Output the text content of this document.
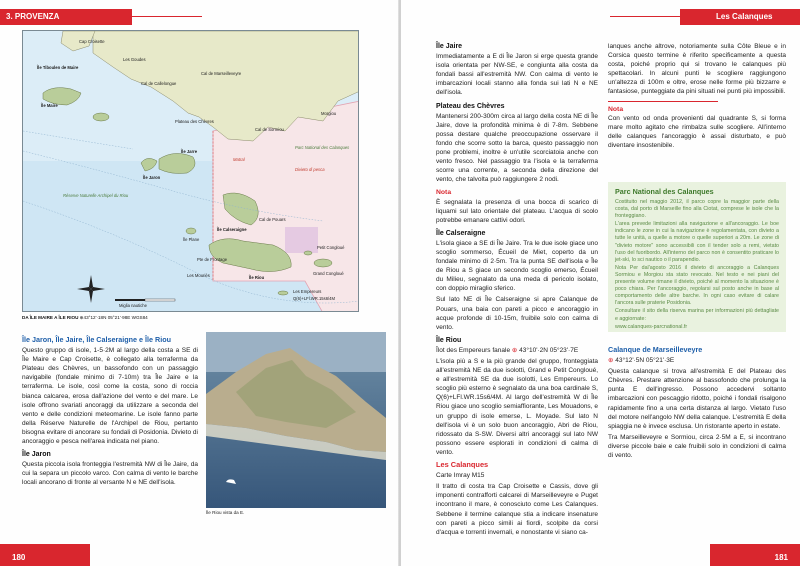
3. PROVENZA
Île Tiboulen de Maire
Cap Croisette
Les Goudes
Île Maire
Plateau des Chèvres
Cal de Callelongue
Cal de Marseilleveyre
Île Jarre
Île Jaron
Réserve Naturelle Archipel du Riou
Parc National des Calanques
Divieto di pesca
Matral
Morgiou
Cal de Sormiou
Cal de Pouars
Île Calseraigne
Île Plane
Pte de Frontage
Les Mouriès	Île Riou
Petit Congloué
Grand Congloué
Les Empereurs
Q(6)+LFl.WR.15s6/4M
Miglia nautiche
DA ÎLE MAIRE A ÎLE RIOU ⊕43°12'·18N 05°21'·98E WGS84
Île Jaron, Île Jaire, Île Calseraigne e Île Riou

Questo gruppo di isole, 1-5·2M al largo della costa a SE di Île Maire e Cap Croisette, è collegato alla terraferma da Plateau des Chèvres, un bassofondo con un passaggio navigabile (fondale minimo di 7-10m) tra Île Jaire e la terraferma. Le isole, così come la costa, sono di roccia bianca calcarea, erosa dall'azione del vento e del mare. Le isole offrono svariati ancoraggi da utilizzare a seconda del vento e delle condizioni meteomarine. Le isole fanno parte della Réserve Naturelle de l'Archipel de Riou, pertanto bisogna evitare di ancorare su fondali di Posidonia. Divieto di ancoraggio e pesca nell'area indicata nel piano.

Île Jaron

Questa piccola isola fronteggia l'estremità NW di Île Jaire, da cui la separa un piccolo varco. Con calma di vento le barche locali ancorano di fronte al versante N e NE dell'isola.

Île Riou vista da E.
180
Les Calanques
181
Île Jaire

Immediatamente a E di Île Jaron si erge questa grande isola orientata per NW-SE, e congiunta alla costa da fondali bassi all'estremità NW. Con calma di vento le imbarcazioni locali stanno alla fonda sui lati N e NE dell'isola.

Plateau des Chèvres

Mantenersi 200-300m circa al largo della costa NE di Île Jaire, dove la profondità minima è di 7-8m. Sebbene possa destare qualche preoccupazione osservare il fondo che scorre sotto la barca, questo passaggio non pone problemi, inoltre è un'utile scorciatoia anche con vento fresco. Nel passaggio tra l'isola e la terraferma scorre una corrente, a seconda della direzione del vento, che talvolta può raggiungere 2 nodi.

Nota

È segnalata la presenza di una bocca di scarico di liquami sul lato orientale del plateau. L'acqua di scolo potrebbe emanare cattivi odori.

Île Calseraigne

L'isola giace a SE di Île Jaire. Tra le due isole giace uno scoglio sommerso, Écueil de Miet, coperto da un fondale minimo di 2·5m. Tra la punta SE dell'isola e Île de Riou a S giace un secondo scoglio emerso, Écueil du Milieu, segnalato da una meda di pericolo isolato, con doppio miraglio sferico.

Sul lato NE di Île Calseraigne si apre Calanque de Pouars, una baia con pareti a picco e ancoraggio in acque profonde di 10-15m, fruibile solo con calma di vento.

Île Riou
Îlot des Empereurs fanale ⊕ 43°10'·2N 05°23'·7E

L'isola più a S e la più grande del gruppo, fronteggiata all'estremità NE da due isolotti, Grand e Petit Congloué, e all'estremità SE da due isolotti, Les Empereurs. Lo scoglio più esterno è segnalato da una boa cardinale S, Q(6)+LFl.WR.15s6/4M. Al largo dell'estremità W di Île Riou giace uno scoglio semiaffiorante, Les Mouadons, e un gruppo di isole emerse, L. Moyade. Sul lato N dell'isola vi è un solo buon ancoraggio, Abri de Riou, ridossato da S-SW. Diversi altri ancoraggi sul lato NW possono essere esplorati in condizioni di calma di vento.

Les Calanques
Carte Imray M15

Il tratto di costa tra Cap Croisette e Cassis, dove gli imponenti contrafforti calcarei di Marseilleveyre e Puget incontrano il mare, è conosciuto come Les Calanques. Sebbene il termine calanque stia a indicare insenature con pareti a picco simili ai fiordi, scolpite da corsi d'acqua e torrenti invernali, e nonostante vi siano ca-

lanques anche altrove, notoriamente sulla Côte Bleue e in Corsica questo termine è riferito specificamente a questa costa, poiché proprio qui si trovano le calanques più spettacolari. In alcuni punti le scogliere raggiungono un'altezza di 100m e oltre, erose nelle forme più bizzarre e fantasiose, punteggiate da pini situati nei punti più impossibili.

Nota

Con vento od onda provenienti dal quadrante S, si forma mare molto agitato che rimbalza sulle scogliere. All'interno delle calanques l'ancoraggio è assai disturbato, e può diventare insostenibile.

Parc National des Calanques

Costituito nel maggio 2012, il parco copre la maggior parte della costa, dal porto di Marseille fino alla Ciotat, comprese le isole che la fronteggiano.

L'area prevede limitazioni alla navigazione e all'ancoraggio. Le boe indicano le zone in cui la navigazione è regolamentata, con divieto a tutte le unità, a quelle a motore o quelle superiori a 20m. Le zone di "divieto motore" sono accessibili con il tender solo a remi, vietato l'uso del fuoribordo. All'interno del parco non è consentito praticare lo jet-ski, lo sci nautico o il parapendio.

Nota Per dal'agosto 2016 il divieto di ancoraggio a Calanques Sormiou e Morgiou sta stato revocato. Nel testo e nei piani del presente volume rimane il divieto, poiché al momento la situazione è poco chiara. Per l'ancoraggio, regolarsi sul posto anche in base al comportamento delle altre barche. In ogni caso evitare di calare l'ancora sulle praterie Posidonia.

Consultare il sito della riserva marina per informazioni più dettagliate e aggiornate:

www.calanques-parcnational.fr
Calanque de Marseilleveyre
⊕ 43°12'·5N 05°21'·3E

Questa calanque si trova all'estremità E del Plateau des Chèvres. Prestare attenzione al bassofondo che prolunga la punta E dell'ingresso. Possono accedervi soltanto imbarcazioni con pescaggio ridotto, poiché i fondali risalgono rapidamente fino a una certa distanza al largo. Vietato l'uso del motore nell'angolo NW della calanque. L'estremità E della spiaggia ne è invece esclusa. Un ristorante aperto in estate.

Tra Marseilleveyre e Sormiou, circa 2·5M a E, si incontrano diverse piccole baie e cale fruibili solo in condizioni di calma di vento.
